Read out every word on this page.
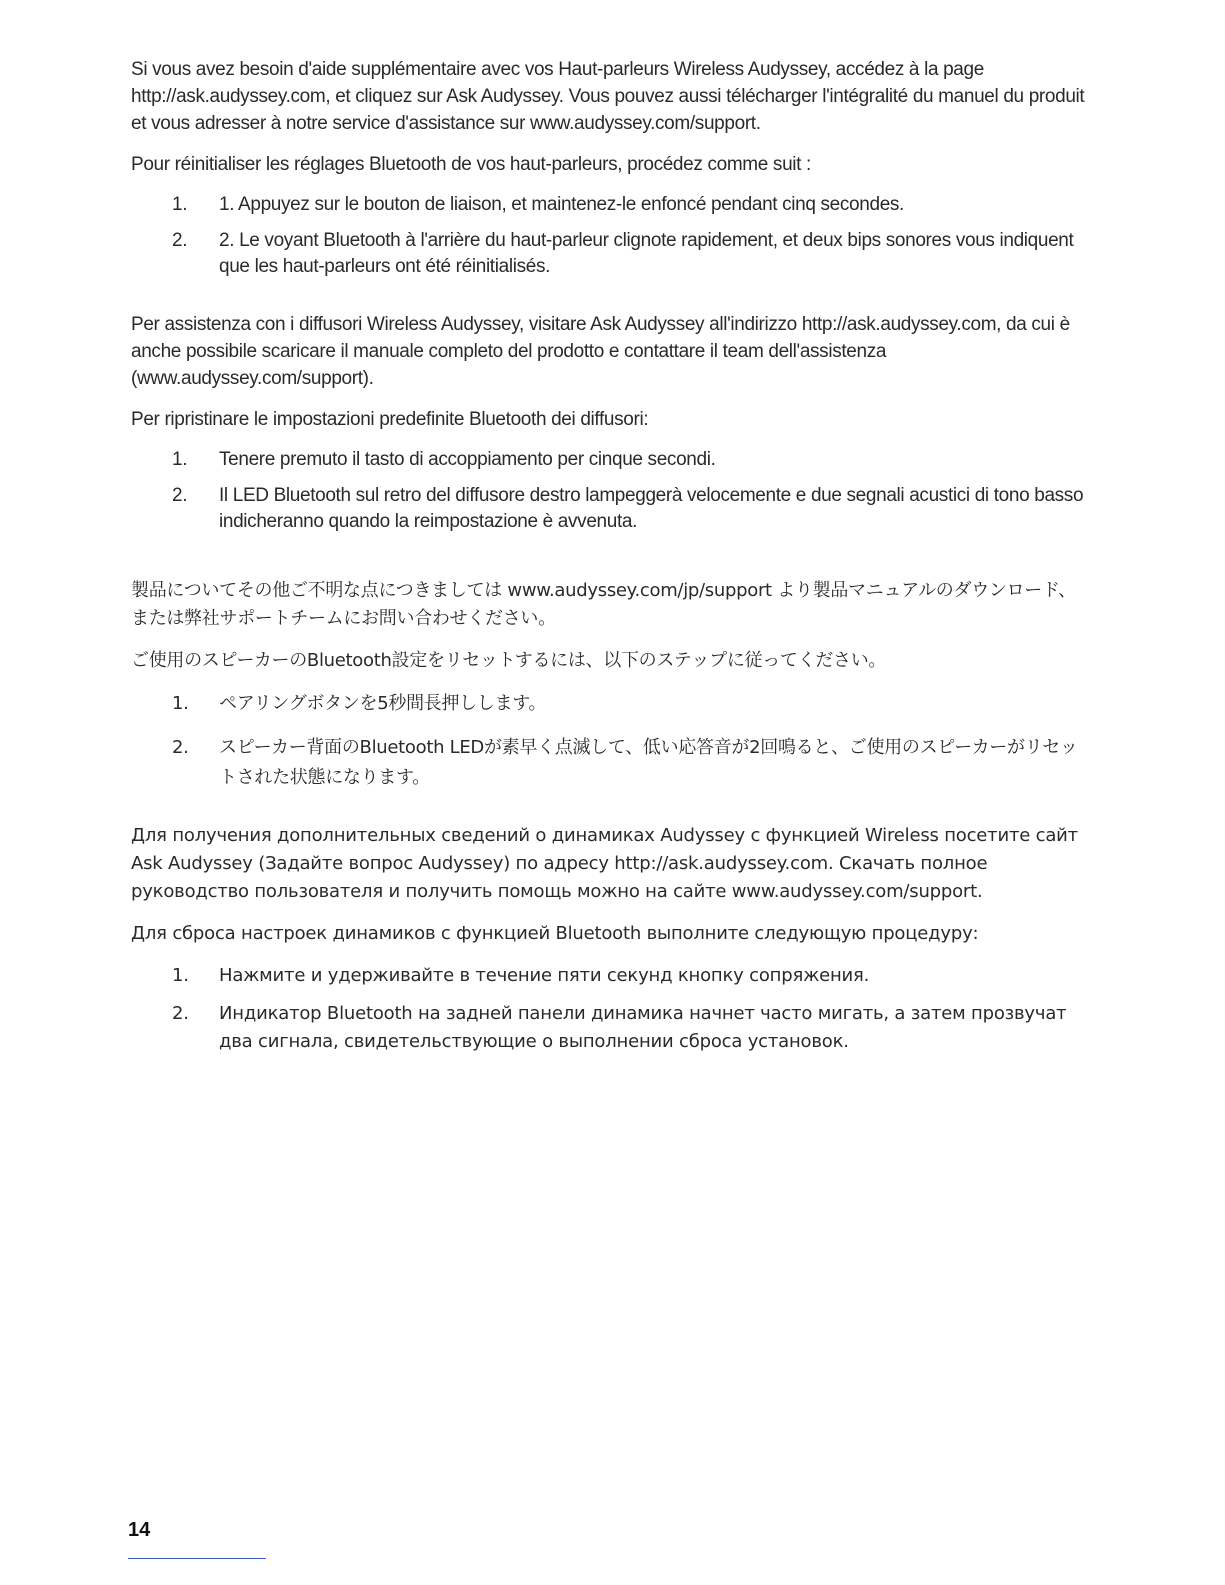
Si vous avez besoin d'aide supplémentaire avec vos Haut-parleurs Wireless Audyssey, accédez à la page http://ask.audyssey.com, et cliquez sur Ask Audyssey. Vous pouvez aussi télécharger l'intégralité du manuel du produit et vous adresser à notre service d'assistance sur www.audyssey.com/support.

Pour réinitialiser les réglages Bluetooth de vos haut-parleurs, procédez comme suit :

1.	1. Appuyez sur le bouton de liaison, et maintenez-le enfoncé pendant cinq secondes.
2.	2. Le voyant Bluetooth à l'arrière du haut-parleur clignote rapidement, et deux bips sonores vous indiquent que les haut-parleurs ont été réinitialisés.

Per assistenza con i diffusori Wireless Audyssey, visitare Ask Audyssey all'indirizzo http://ask.audyssey.com, da cui è anche possibile scaricare il manuale completo del prodotto e contattare il team dell'assistenza (www.audyssey.com/support).

Per ripristinare le impostazioni predefinite Bluetooth dei diffusori:

1.	Tenere premuto il tasto di accoppiamento per cinque secondi.
2.	Il LED Bluetooth sul retro del diffusore destro lampeggerà velocemente e due segnali acustici di tono basso indicheranno quando la reimpostazione è avvenuta.

製品についてその他ご不明な点につきましては www.audyssey.com/jp/support より製品マニュアルのダウンロード、または弊社サポートチームにお問い合わせください。

ご使用のスピーカーのBluetooth設定をリセットするには、以下のステップに従ってください。

1.	ペアリングボタンを5秒間長押しします。
2.	スピーカー背面のBluetooth LEDが素早く点滅して、低い応答音が2回鳴ると、ご使用のスピーカーがリセットされた状態になります。

Для получения дополнительных сведений о динамиках Audyssey с функцией Wireless посетите сайт Ask Audyssey (Задайте вопрос Audyssey) по адресу http://ask.audyssey.com. Скачать полное руководство пользователя и получить помощь можно на сайте www.audyssey.com/support.

Для сброса настроек динамиков с функцией Bluetooth выполните следующую процедуру:

1.	Нажмите и удерживайте в течение пяти секунд кнопку сопряжения.
2.	Индикатор Bluetooth на задней панели динамика начнет часто мигать, а затем прозвучат два сигнала, свидетельствующие о выполнении сброса установок.
14
